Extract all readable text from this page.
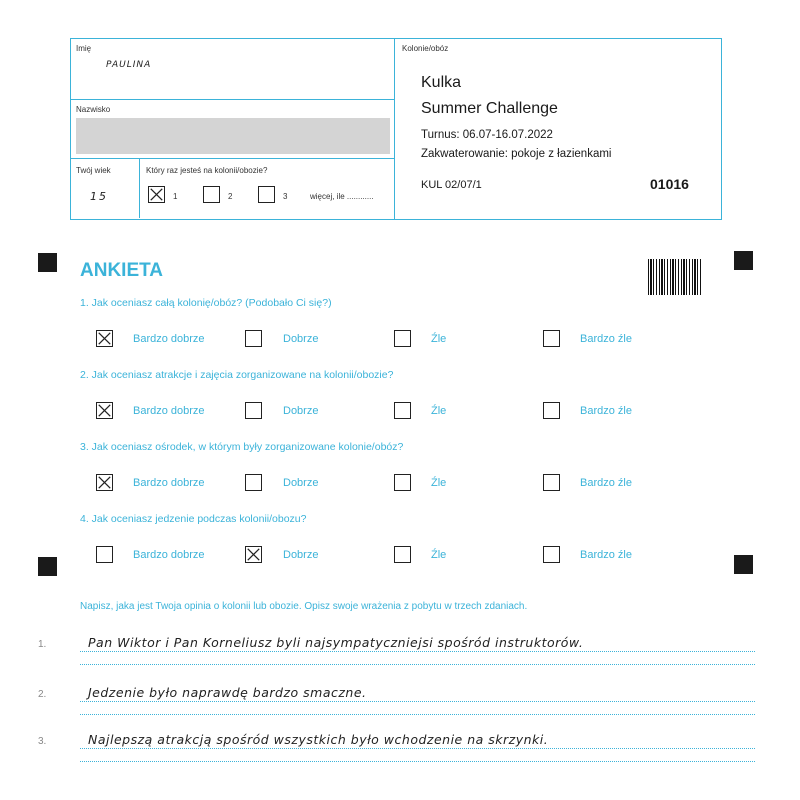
Imię
PAULINA
Nazwisko
Twój wiek
15
Który raz jesteś na kolonii/obozie?
1	2	3	więcej, ile ............
Kolonie/obóz
Kulka
Summer Challenge
Turnus: 06.07-16.07.2022
Zakwaterowanie: pokoje z łazienkami
KUL 02/07/1	01016
ANKIETA
1. Jak oceniasz całą kolonię/obóz? (Podobało Ci się?)
Bardzo dobrze	Dobrze	Źle	Bardzo źle
2. Jak oceniasz atrakcje i zajęcia zorganizowane na kolonii/obozie?
Bardzo dobrze	Dobrze	Źle	Bardzo źle
3. Jak oceniasz ośrodek, w którym były zorganizowane kolonie/obóz?
Bardzo dobrze	Dobrze	Źle	Bardzo źle
4. Jak oceniasz jedzenie podczas kolonii/obozu?
Bardzo dobrze	Dobrze	Źle	Bardzo źle
Napisz, jaka jest Twoja opinia o kolonii lub obozie. Opisz swoje wrażenia z pobytu w trzech zdaniach.
1.	Pan Wiktor i Pan Korneliusz byli najsympatyczniejsi spośród instruktorów.
2.	Jedzenie było naprawdę bardzo smaczne.
3.	Najlepszą atrakcją spośród wszystkich było wchodzenie na skrzynki.
